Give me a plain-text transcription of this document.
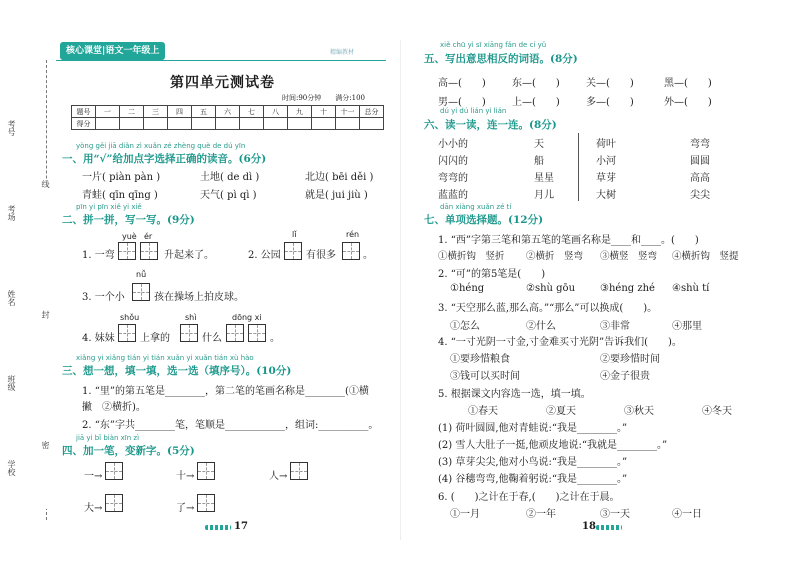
考号
考场
姓名
班级
学校	线 封 密
核心课堂|语文一年级上	精编教材
第四单元测试卷
时间:90分钟　　满分:100
题号	一	二	三	四	五	六	七	八	九	十	十一	总分
得分												
yòng gěi jiā diǎn zì xuǎn zé zhèng què de dú yīn
一、用“√”给加点字选择正确的读音。(6分)
一片( piàn pàn )	土地( de dì )	北边( bēi děi )
青蛙( qīn qīng )	天气( pì qì )	就是( jui jiù )
pīn yi pīn xiě yi xiě
二、拼一拼，写一写。(9分)
yuè ér	lǐ	rén
1. 一弯	升起来了。	2. 公园	有很多	。
nǚ
3. 一个小	孩在操场上拍皮球。
shǒu	shì	dōng xi
4. 妹妹	上拿的	什么	。
xiǎng yi xiǎng tián yi tián xuǎn yi xuǎn tián xù hào
三、想一想，填一填，选一选（填序号）。(10分)
1. “里”的第五笔是________，第二笔的笔画名称是________(①横
撇　②横折)。
2. “东”字共________笔，笔顺是____________，组词:__________。
jiā yi bǐ biàn xīn zì
四、加一笔，变新字。(5分)
一→	十→	人→
大→	了→
17
xiě chū yì sī xiāng fǎn de cí yǔ
五、写出意思相反的词语。(8分)
高—(　　)	东—(　　)	关—(　　)	黑—(　　)
男—(　　)	上—(　　)	多—(　　)	外—(　　)
dú yi dú lián yi lián
六、读一读，连一连。(8分)
小小的
闪闪的
弯弯的
蓝蓝的
天
船
星星
月儿
荷叶
小河
草芽
大树
弯弯
圆圆
高高
尖尖
dān xiàng xuǎn zé tí
七、单项选择题。(12分)
1. “西”字第三笔和第五笔的笔画名称是____和____。(　　)
①横折钩　竖折 ②横折　竖弯 ③横竖　竖弯 ④横折钩　竖提
2. “可”的第5笔是(　　)
①héng	②shù gōu ③héng zhé ④shù tí
3. “天空那么蓝,那么高。”“那么”可以换成(　　)。
①怎么	②什么	③非常	④那里
4. “一寸光阴一寸金,寸金难买寸光阴”告诉我们(　　)。
①要珍惜粮食	②要珍惜时间
③钱可以买时间	④金子很贵
5. 根据课文内容选一选，填一填。
①春天	②夏天	③秋天	④冬天
(1) 荷叶圆圆,他对青蛙说:“我是________。”
(2) 雪人大肚子一挺,他顽皮地说:“我就是________。”
(3) 草芽尖尖,他对小鸟说:“我是________。”
(4) 谷穗弯弯,他鞠着躬说:“我是________。”
6. (　　)之计在于春,(　　)之计在于晨。
①一月	②一年	③一天	④一日
18
